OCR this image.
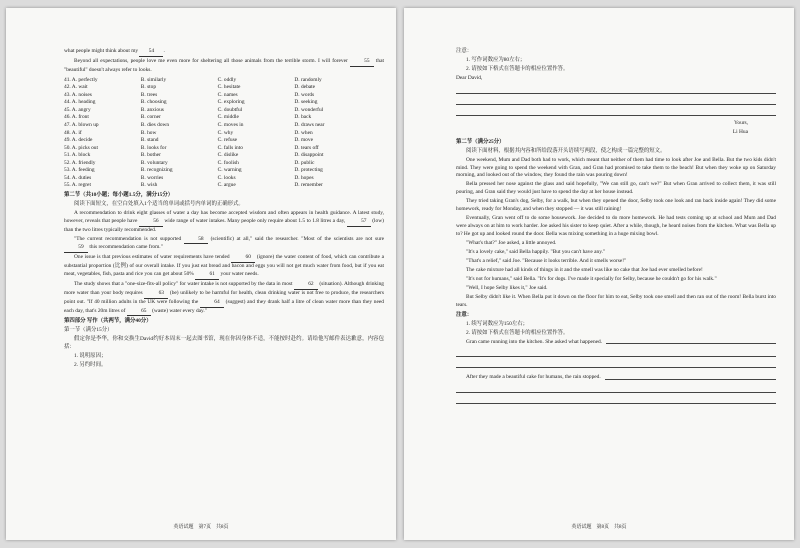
what people might think about my 54 .

Beyond all expectations, people love me even more for sheltering all those animals from the terrible storm. I will forever	55 that "beautiful" doesn't always refer to looks.

41. A. perfectly	B. similarly	C. oddly	D. randomly
42. A. wait	B. stop	C. hesitate	D. debate
43. A. noises	B. trees	C. names	D. words
44. A. heading	B. choosing	C. exploring	D. seeking
45. A. angry	B. anxious	C. doubtful	D. wonderful
46. A. front	B. corner	C. middle	D. back
47. A. blown up	B. dies down	C. moves in	D. draws near
48. A. if	B. how	C. why	D. when
49. A. decide	B. stand	C. refuse	D. move
50. A. picks out	B. looks for	C. falls into	D. tears off
51. A. block	B. bother	C. dislike	D. disappoint
52. A. friendly	B. voluntary	C. foolish	D. public
53. A. feeding	B. recognizing	C. warning	D. protecting
54. A. duties	B. worries	C. looks	D. hopes
55. A. regret	B. wish	C. argue	D. remember

第二节（共10小题；每小题1.5分，满分15分）

阅读下面短文，在空白处填入1个适当的单词或括号内单词的正确形式。

A recommendation to drink eight glasses of water a day has become accepted wisdom and often appears in health guidance. A latest study, however, reveals that people have	56 wide range of water intakes. Many people only require about 1.5 to 1.8 litres a day,	57 (low) than the two litres typically recommended.

"The current recommendation is not supported	58 (scientific) at all," said the researcher. "Most of the scientists are not sure 59 this recommendation came from."

One issue is that previous estimates of water requirements have tended	60 (ignore) the water content of food, which can contribute a substantial proportion (比例) of our overall intake. If you just eat bread and bacon and eggs you will not get much water from food, but if you eat meat, vegetables, fish, pasta and rice you can get about 50%	61 your water needs.

The study shows that a "one-size-fits-all policy" for water intake is not supported by the data in most	62 (situation). Although drinking more water than your body requires	63 (be) unlikely to be harmful for health, clean drinking water is not free to produce, the researchers point out. "If 40 million adults in the UK were following the	64 (suggest) and they drank half a litre of clean water more than they need each day, that's 20m litres of	65 (waste) water every day."

第四部分 写作（共两节，满分40分）

第一节（满分15分）

假定你是李华，你和交换生David约好本周末一起去图书馆，现在你因身体不适，不能按时赴约。请给他写邮件表达歉意，内容包括：

1. 说明原因；

2. 另约时间。

英语试题　第7页　共8页

注意：

1. 写作词数应为80左右；

2. 请按如下格式在答题卡的相应位置作答。

Dear David,

Yours,

Li Hua

第二节（满分25分）

阅读下面材料，根据其内容和所给段落开头语续写两段，使之构成一篇完整的短文。

One weekend, Mum and Dad both had to work, which meant that neither of them had time to look after Joe and Bella. But the two kids didn't mind. They were going to spend the weekend with Gran, and Gran had promised to take them to the beach! But when they woke up on Saturday morning, and looked out of the window, they found the rain was pouring down!

Bella pressed her nose against the glass and said hopefully, "We can still go, can't we?" But when Gran arrived to collect them, it was still pouring, and Gran said they would just have to spend the day at her house instead.

They tried taking Gran's dog, Selby, for a walk, but when they opened the door, Selby took one look and ran back inside again! They did some homework, ready for Monday, and when they stopped — it was still raining!

Eventually, Gran went off to do some housework. Joe decided to do more homework. He had tests coming up at school and Mum and Dad were always on at him to work harder. Joe asked his sister to keep quiet. After a while, though, he heard noises from the kitchen. What was Bella up to? He got up and looked round the door. Bella was mixing something in a huge mixing bowl.

"What's that?" Joe asked, a little annoyed.

"It's a lovely cake," said Bella happily. "But you can't have any."

"That's a relief," said Joe. "Because it looks terrible. And it smells worse!"

The cake mixture had all kinds of things in it and the smell was like no cake that Joe had ever smelled before!

"It's not for humans," said Bella. "It's for dogs. I've made it specially for Selby, because he couldn't go for his walk."

"Well, I hope Selby likes it," Joe said.

But Selby didn't like it. When Bella put it down on the floor for him to eat, Selby took one smell and then ran out of the room! Bella burst into tears.

注意：

1. 续写词数应为150左右；

2. 请按如下格式在答题卡的相应位置作答。

Gran came running into the kitchen. She asked what happened.
After they made a beautiful cake for humans, the rain stopped.
英语试题　第8页　共8页
